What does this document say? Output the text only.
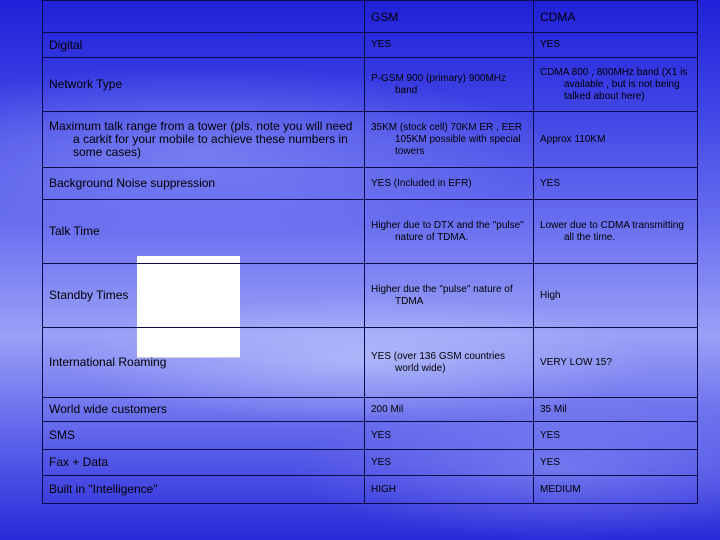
	GSM	CDMA
Digital	YES	YES
Network Type	P-GSM 900 (primary) 900MHz band	CDMA 800 , 800MHz band (X1 is available , but is not being talked about here)

Maximum talk range from a tower (pls. note you will need a carkit for your mobile to achieve these numbers in some cases)	35KM (stock cell) 70KM ER , EER 105KM possible with special towers	Approx 110KM
Background Noise suppression	YES (Included in EFR)	YES
Talk Time	Higher due to DTX and the "pulse" nature of TDMA.	Lower due to CDMA transmitting all the time.

Standby Times	Higher due the "pulse" nature of TDMA	High
International Roaming	YES (over 136 GSM countries world wide)	VERY LOW 15?
World wide customers	200 Mil	35 Mil
SMS	YES	YES
Fax + Data	YES	YES
Built in "Intelligence"	HIGH	MEDIUM
